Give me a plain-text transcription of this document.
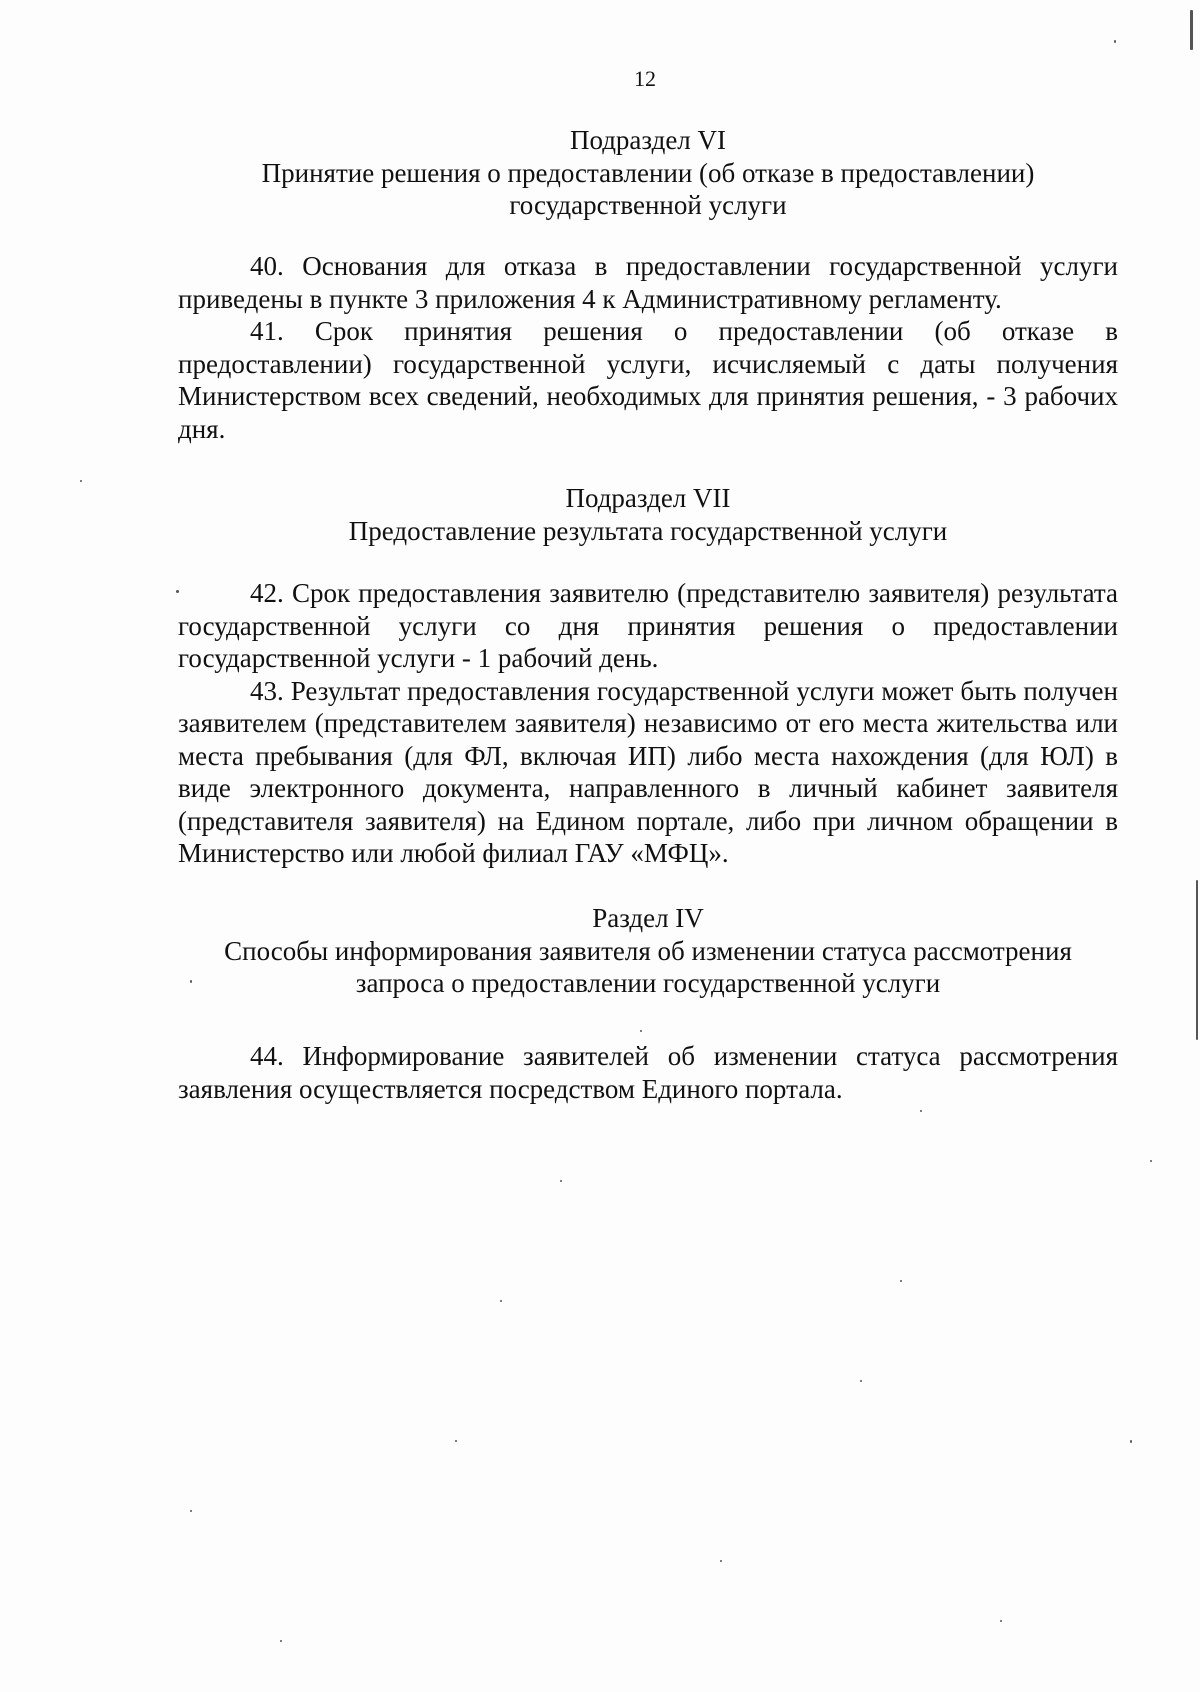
12
Подраздел VI
Принятие решения о предоставлении (об отказе в предоставлении)
государственной услуги

40. Основания для отказа в предоставлении государственной услуги приведены в пункте 3 приложения 4 к Административному регламенту.

41. Срок принятия решения о предоставлении (об отказе в предоставлении) государственной услуги, исчисляемый с даты получения Министерством всех сведений, необходимых для принятия решения, - 3 рабочих дня.

Подраздел VII
Предоставление результата государственной услуги

42. Срок предоставления заявителю (представителю заявителя) результата государственной услуги со дня принятия решения о предоставлении государственной услуги - 1 рабочий день.

43. Результат предоставления государственной услуги может быть получен заявителем (представителем заявителя) независимо от его места жительства или места пребывания (для ФЛ, включая ИП) либо места нахождения (для ЮЛ) в виде электронного документа, направленного в личный кабинет заявителя (представителя заявителя) на Едином портале, либо при личном обращении в Министерство или любой филиал ГАУ «МФЦ».

Раздел IV
Способы информирования заявителя об изменении статуса рассмотрения
запроса о предоставлении государственной услуги

44. Информирование заявителей об изменении статуса рассмотрения заявления осуществляется посредством Единого портала.
